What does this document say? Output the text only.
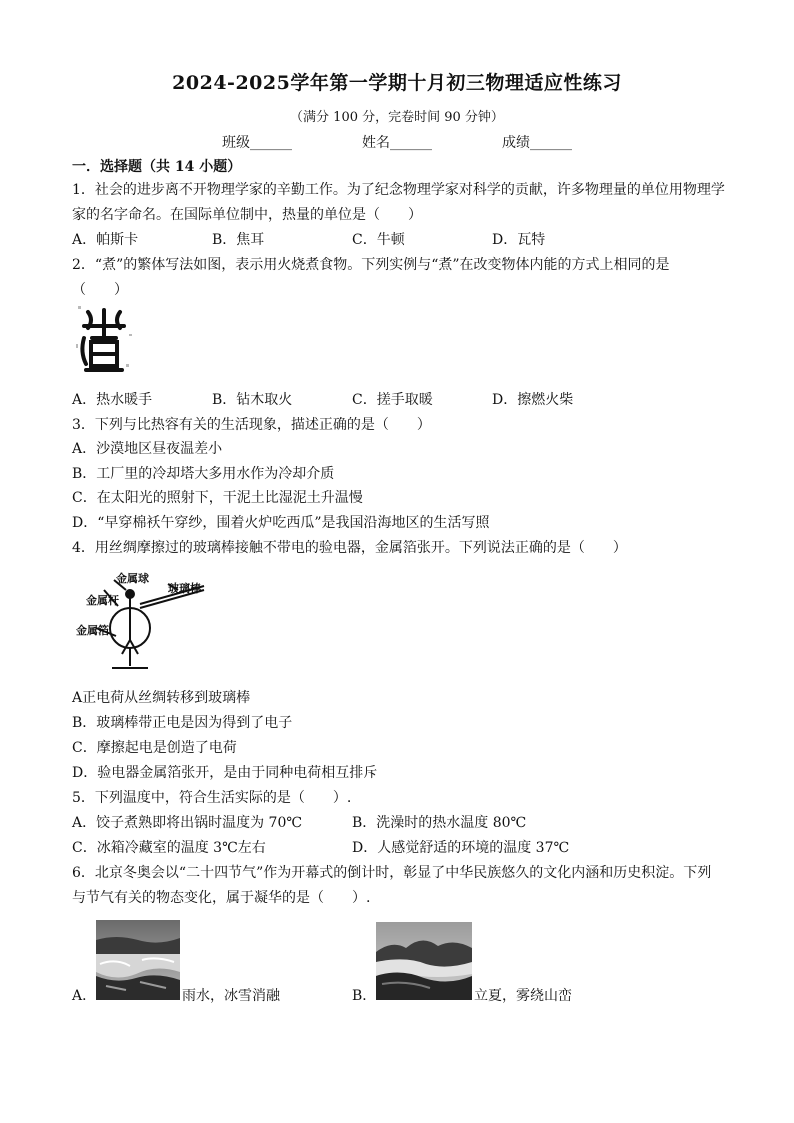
2024-2025学年第一学期十月初三物理适应性练习
（满分 100 分，完卷时间 90 分钟）
班级______	姓名______	成绩______
一．选择题（共 14 小题）
1．社会的进步离不开物理学家的辛勤工作。为了纪念物理学家对科学的贡献，许多物理量的单位用物理学
家的名字命名。在国际单位制中，热量的单位是（　　）
A．帕斯卡	B．焦耳	C．牛顿	D．瓦特
2．“煮”的繁体写法如图，表示用火烧煮食物。下列实例与“煮”在改变物体内能的方式上相同的是
（　　）
A．热水暖手	B．钻木取火	C．搓手取暖	D．擦燃火柴
3．下列与比热容有关的生活现象，描述正确的是（　　）
A．沙漠地区昼夜温差小
B．工厂里的冷却塔大多用水作为冷却介质
C．在太阳光的照射下，干泥土比湿泥土升温慢
D．“早穿棉袄午穿纱，围着火炉吃西瓜”是我国沿海地区的生活写照
4．用丝绸摩擦过的玻璃棒接触不带电的验电器，金属箔张开。下列说法正确的是（　　）
金属球
玻璃棒
金属杆
金属箔
A正电荷从丝绸转移到玻璃棒
B．玻璃棒带正电是因为得到了电子
C．摩擦起电是创造了电荷
D．验电器金属箔张开，是由于同种电荷相互排斥
5．下列温度中，符合生活实际的是（　　）.
A．饺子煮熟即将出锅时温度为 70℃	B．洗澡时的热水温度 80℃
C．冰箱冷藏室的温度 3℃左右	D．人感觉舒适的环境的温度 37℃
6．北京冬奥会以“二十四节气”作为开幕式的倒计时，彰显了中华民族悠久的文化内涵和历史积淀。下列
与节气有关的物态变化，属于凝华的是（　　）.
A．	雨水，冰雪消融	B．	立夏，雾绕山峦
